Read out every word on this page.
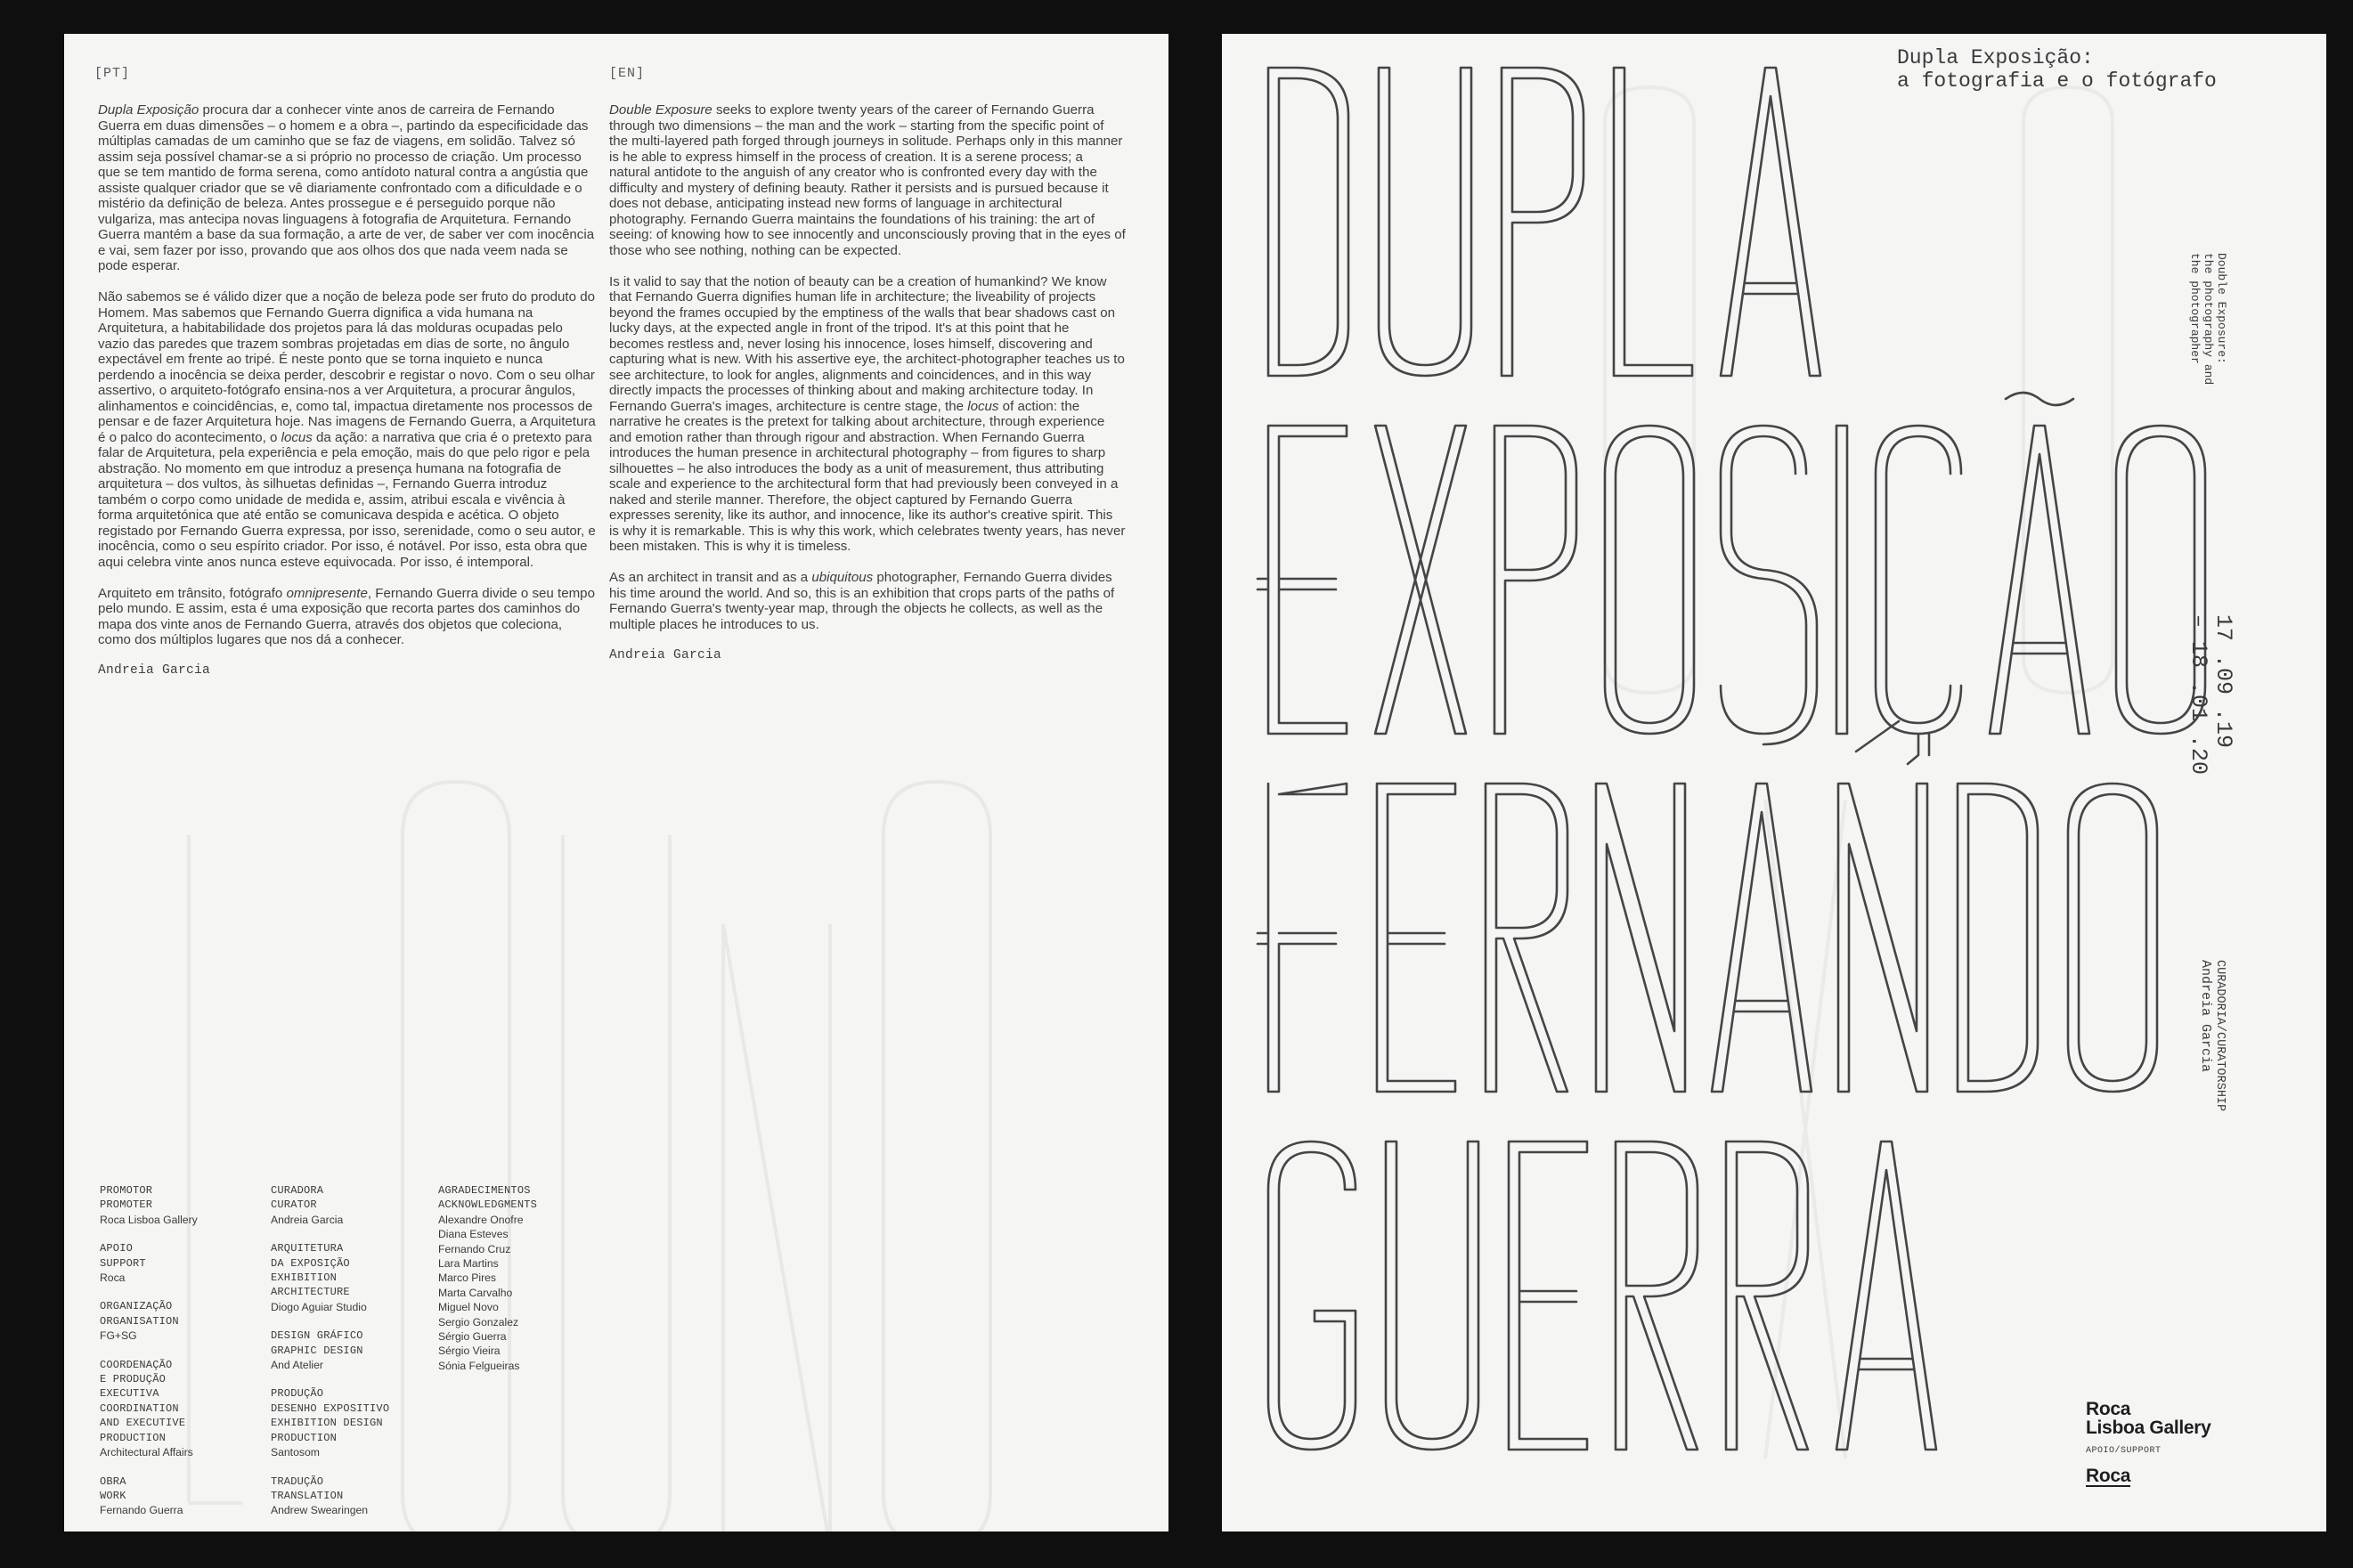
[PT]	[EN]

Dupla Exposição procura dar a conhecer vinte anos de carreira de Fernando Guerra em duas dimensões – o homem e a obra –, partindo da especificidade das múltiplas camadas de um caminho que se faz de viagens, em solidão. Talvez só assim seja possível chamar-se a si próprio no processo de criação. Um processo que se tem mantido de forma serena, como antídoto natural contra a angústia que assiste qualquer criador que se vê diariamente confrontado com a dificuldade e o mistério da definição de beleza. Antes prossegue e é perseguido porque não vulgariza, mas antecipa novas linguagens à fotografia de Arquitetura. Fernando Guerra mantém a base da sua formação, a arte de ver, de saber ver com inocência e vai, sem fazer por isso, provando que aos olhos dos que nada veem nada se pode esperar.

Não sabemos se é válido dizer que a noção de beleza pode ser fruto do produto do Homem. Mas sabemos que Fernando Guerra dignifica a vida humana na Arquitetura, a habitabilidade dos projetos para lá das molduras ocupadas pelo vazio das paredes que trazem sombras projetadas em dias de sorte, no ângulo expectável em frente ao tripé. É neste ponto que se torna inquieto e nunca perdendo a inocência se deixa perder, descobrir e registar o novo. Com o seu olhar assertivo, o arquiteto-fotógrafo ensina-nos a ver Arquitetura, a procurar ângulos, alinhamentos e coincidências, e, como tal, impactua diretamente nos processos de pensar e de fazer Arquitetura hoje. Nas imagens de Fernando Guerra, a Arquitetura é o palco do acontecimento, o locus da ação: a narrativa que cria é o pretexto para falar de Arquitetura, pela experiência e pela emoção, mais do que pelo rigor e pela abstração. No momento em que introduz a presença humana na fotografia de arquitetura – dos vultos, às silhuetas definidas –, Fernando Guerra introduz também o corpo como unidade de medida e, assim, atribui escala e vivência à forma arquitetónica que até então se comunicava despida e acética. O objeto registado por Fernando Guerra expressa, por isso, serenidade, como o seu autor, e inocência, como o seu espírito criador. Por isso, é notável. Por isso, esta obra que aqui celebra vinte anos nunca esteve equivocada. Por isso, é intemporal.

Arquiteto em trânsito, fotógrafo omnipresente, Fernando Guerra divide o seu tempo pelo mundo. E assim, esta é uma exposição que recorta partes dos caminhos do mapa dos vinte anos de Fernando Guerra, através dos objetos que coleciona, como dos múltiplos lugares que nos dá a conhecer.

Andreia Garcia

Double Exposure seeks to explore twenty years of the career of Fernando Guerra through two dimensions – the man and the work – starting from the specific point of the multi-layered path forged through journeys in solitude. Perhaps only in this manner is he able to express himself in the process of creation. It is a serene process; a natural antidote to the anguish of any creator who is confronted every day with the difficulty and mystery of defining beauty. Rather it persists and is pursued because it does not debase, anticipating instead new forms of language in architectural photography. Fernando Guerra maintains the foundations of his training: the art of seeing: of knowing how to see innocently and unconsciously proving that in the eyes of those who see nothing, nothing can be expected.

Is it valid to say that the notion of beauty can be a creation of humankind? We know that Fernando Guerra dignifies human life in architecture; the liveability of projects beyond the frames occupied by the emptiness of the walls that bear shadows cast on lucky days, at the expected angle in front of the tripod. It's at this point that he becomes restless and, never losing his innocence, loses himself, discovering and capturing what is new. With his assertive eye, the architect-photographer teaches us to see architecture, to look for angles, alignments and coincidences, and in this way directly impacts the processes of thinking about and making architecture today. In Fernando Guerra's images, architecture is centre stage, the locus of action: the narrative he creates is the pretext for talking about architecture, through experience and emotion rather than through rigour and abstraction. When Fernando Guerra introduces the human presence in architectural photography – from figures to sharp silhouettes – he also introduces the body as a unit of measurement, thus attributing scale and experience to the architectural form that had previously been conveyed in a naked and sterile manner. Therefore, the object captured by Fernando Guerra expresses serenity, like its author, and innocence, like its author's creative spirit. This is why it is remarkable. This is why this work, which celebrates twenty years, has never been mistaken. This is why it is timeless.

As an architect in transit and as a ubiquitous photographer, Fernando Guerra divides his time around the world. And so, this is an exhibition that crops parts of the paths of Fernando Guerra's twenty-year map, through the objects he collects, as well as the multiple places he introduces to us.

Andreia Garcia
PROMOTOR
PROMOTER
Roca Lisboa Gallery
APOIO
SUPPORT
Roca
ORGANIZAÇÃO
ORGANISATION
FG+SG
COORDENAÇÃO
E PRODUÇÃO
EXECUTIVA
COORDINATION
AND EXECUTIVE
PRODUCTION
Architectural Affairs
OBRA
WORK
Fernando Guerra
CURADORA
CURATOR
Andreia Garcia
ARQUITETURA
DA EXPOSIÇÃO
EXHIBITION
ARCHITECTURE
Diogo Aguiar Studio
DESIGN GRÁFICO
GRAPHIC DESIGN
And Atelier
PRODUÇÃO
DESENHO EXPOSITIVO
EXHIBITION DESIGN
PRODUCTION
Santosom
TRADUÇÃO
TRANSLATION
Andrew Swearingen
AGRADECIMENTOS
ACKNOWLEDGMENTS
Alexandre Onofre
Diana Esteves
Fernando Cruz
Lara Martins
Marco Pires
Marta Carvalho
Miguel Novo
Sergio Gonzalez
Sérgio Guerra
Sérgio Vieira
Sónia Felgueiras
Dupla Exposição:
a fotografia e o fotógrafo
Double Exposure:
the photography and
the photographer
17 .09 .19
– 18 .01 .20
CURADORIA/CURATORSHIP
Andreia Garcia
Roca
Lisboa Gallery
APOIO/SUPPORT
Roca
